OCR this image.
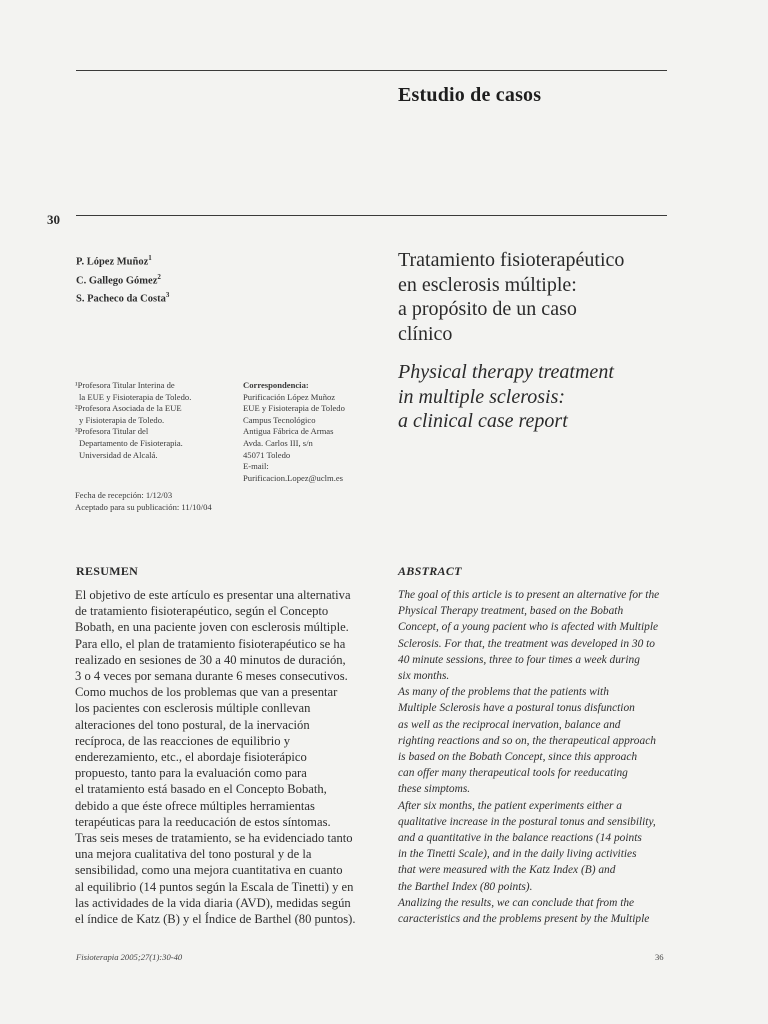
Estudio de casos
30
P. López Muñoz$^1$
C. Gallego Gómez$^2$
S. Pacheco da Costa$^3$
Tratamiento fisioterapéutico
en esclerosis múltiple:
a propósito de un caso
clínico
Physical therapy treatment
in multiple sclerosis:
a clinical case report
¹Profesora Titular Interina de
la EUE y Fisioterapia de Toledo.
²Profesora Asociada de la EUE
y Fisioterapia de Toledo.
³Profesora Titular del
Departamento de Fisioterapia.
Universidad de Alcalá.
Correspondencia:
Purificación López Muñoz
EUE y Fisioterapia de Toledo
Campus Tecnológico
Antigua Fábrica de Armas
Avda. Carlos III, s/n
45071 Toledo
E-mail:
Purificacion.Lopez@uclm.es
Fecha de recepción: 1/12/03
Aceptado para su publicación: 11/10/04
RESUMEN
El objetivo de este artículo es presentar una alternativa
de tratamiento fisioterapéutico, según el Concepto
Bobath, en una paciente joven con esclerosis múltiple.
Para ello, el plan de tratamiento fisioterapéutico se ha
realizado en sesiones de 30 a 40 minutos de duración,
3 o 4 veces por semana durante 6 meses consecutivos.
Como muchos de los problemas que van a presentar
los pacientes con esclerosis múltiple conllevan
alteraciones del tono postural, de la inervación
recíproca, de las reacciones de equilibrio y
enderezamiento, etc., el abordaje fisioterápico
propuesto, tanto para la evaluación como para
el tratamiento está basado en el Concepto Bobath,
debido a que éste ofrece múltiples herramientas
terapéuticas para la reeducación de estos síntomas.
Tras seis meses de tratamiento, se ha evidenciado tanto
una mejora cualitativa del tono postural y de la
sensibilidad, como una mejora cuantitativa en cuanto
al equilibrio (14 puntos según la Escala de Tinetti) y en
las actividades de la vida diaria (AVD), medidas según
el índice de Katz (B) y el Índice de Barthel (80 puntos).
ABSTRACT
The goal of this article is to present an alternative for the
Physical Therapy treatment, based on the Bobath
Concept, of a young pacient who is afected with Multiple
Sclerosis. For that, the treatment was developed in 30 to
40 minute sessions, three to four times a week during
six months.
As many of the problems that the patients with
Multiple Sclerosis have a postural tonus disfunction
as well as the reciprocal inervation, balance and
righting reactions and so on, the therapeutical approach
is based on the Bobath Concept, since this approach
can offer many therapeutical tools for reeducating
these simptoms.
After six months, the patient experiments either a
qualitative increase in the postural tonus and sensibility,
and a quantitative in the balance reactions (14 points
in the Tinetti Scale), and in the daily living activities
that were measured with the Katz Index (B) and
the Barthel Index (80 points).
Analizing the results, we can conclude that from the
caracteristics and the problems present by the Multiple
Fisioterapia 2005;27(1):30-40	36
